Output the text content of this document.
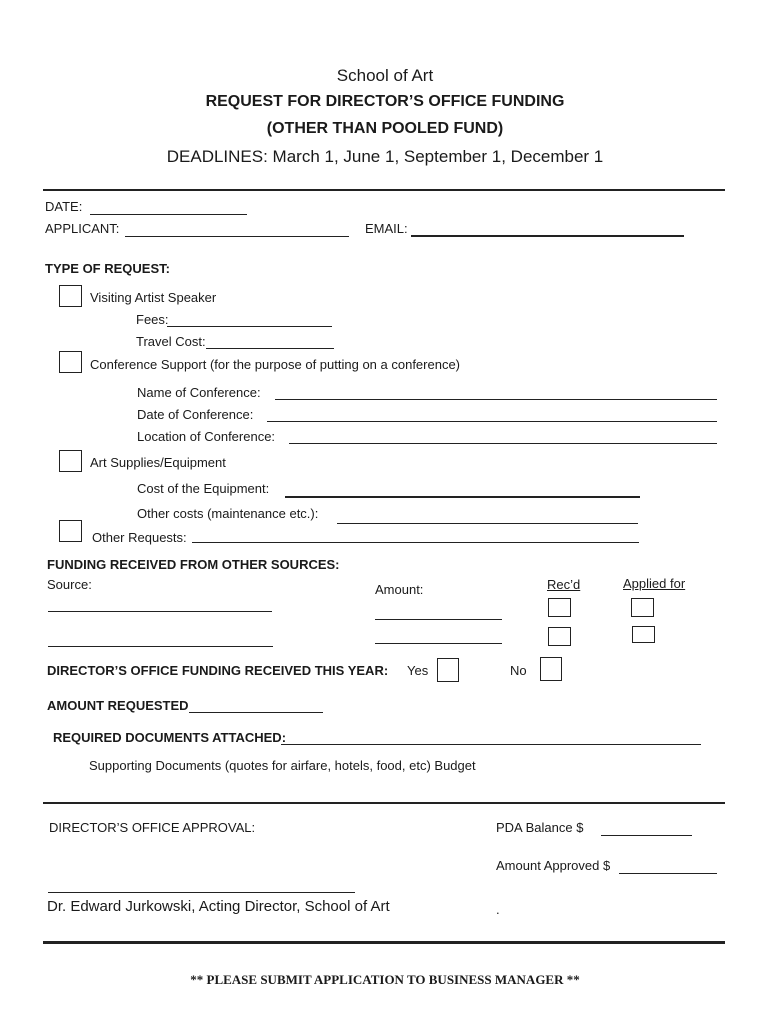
School of Art
REQUEST FOR DIRECTOR’S OFFICE FUNDING
(OTHER THAN POOLED FUND)
DEADLINES: March 1, June 1, September 1, December 1
DATE:
APPLICANT:	EMAIL:
TYPE OF REQUEST:
Visiting Artist Speaker
Fees:
Travel Cost:
Conference Support (for the purpose of putting on a conference)
Name of Conference:
Date of Conference:
Location of Conference:
Art Supplies/Equipment
Cost of the Equipment:
Other costs (maintenance etc.):
Other Requests:
FUNDING RECEIVED FROM OTHER SOURCES:
Source:	Amount:	Rec’d	Applied for
DIRECTOR’S OFFICE FUNDING RECEIVED THIS YEAR: Yes	No
AMOUNT REQUESTED
REQUIRED DOCUMENTS ATTACHED:
Supporting Documents (quotes for airfare, hotels, food, etc) Budget
DIRECTOR’S OFFICE APPROVAL:	PDA Balance $
Amount Approved $
Dr. Edward Jurkowski, Acting Director, School of Art	.
** PLEASE SUBMIT APPLICATION TO BUSINESS MANAGER **
